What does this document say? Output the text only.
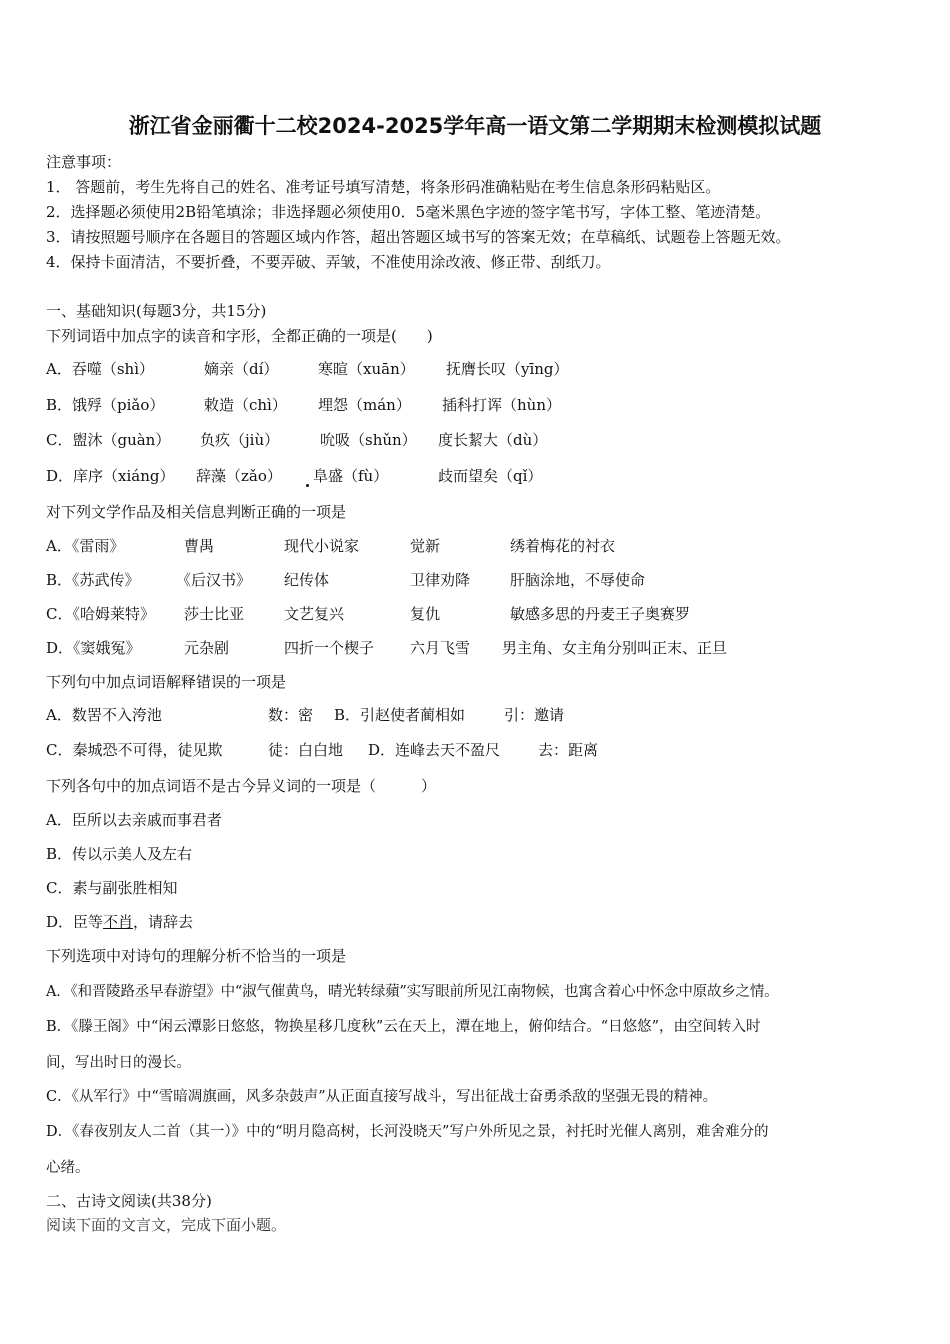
浙江省金丽衢十二校2024-2025学年高一语文第二学期期末检测模拟试题
注意事项：
1． 答题前，考生先将自己的姓名、准考证号填写清楚，将条形码准确粘贴在考生信息条形码粘贴区。
2．选择题必须使用2B铅笔填涂；非选择题必须使用0．5毫米黑色字迹的签字笔书写，字体工整、笔迹清楚。
3．请按照题号顺序在各题目的答题区域内作答，超出答题区域书写的答案无效；在草稿纸、试题卷上答题无效。
4．保持卡面清洁，不要折叠，不要弄破、弄皱，不准使用涂改液、修正带、刮纸刀。
一、基础知识(每题3分，共15分)
下列词语中加点字的读音和字形，全都正确的一项是(　　)
A．吞噬（shì）	嫡亲（dí）	寒暄（xuān） 抚膺长叹（yīng）
B．饿殍（piǎo）	敕造（chì） 埋怨（mán） 插科打诨（hùn）
C．盥沐（guàn） 负疚（jiù）	吮吸（shǔn） 度长絜大（dù）
D．庠序（xiáng） 辞藻（zǎo） 阜盛（fù）	歧而望矣（qǐ）
对下列文学作品及相关信息判断正确的一项是
A．《雷雨》	曹禺	现代小说家	觉新	绣着梅花的衬衣
B．《苏武传》 《后汉书》 纪传体	卫律劝降	肝脑涂地，不辱使命
C．《哈姆莱特》 莎士比亚	文艺复兴	复仇	敏感多思的丹麦王子奥赛罗
D．《窦娥冤》	元杂剧	四折一个楔子 六月飞雪 男主角、女主角分别叫正末、正旦
下列句中加点词语解释错误的一项是
A．数罟不入洿池	数：密 B．引赵使者蔺相如	引：邀请
C．秦城恐不可得，徒见欺	徒：白白地 D．连峰去天不盈尺	去：距离
下列各句中的加点词语不是古今异义词的一项是（　　　）
A．臣所以去亲戚而事君者
B．传以示美人及左右
C．素与副张胜相知
D．臣等不肖，请辞去
下列选项中对诗句的理解分析不恰当的一项是
A．《和晋陵路丞早春游望》中“淑气催黄鸟，晴光转绿蘋”实写眼前所见江南物候，也寓含着心中怀念中原故乡之情。
B．《滕王阁》中“闲云潭影日悠悠，物换星移几度秋”云在天上，潭在地上，俯仰结合。“日悠悠”，由空间转入时
间，写出时日的漫长。
C．《从军行》中“雪暗凋旗画，风多杂鼓声”从正面直接写战斗，写出征战士奋勇杀敌的坚强无畏的精神。
D．《春夜别友人二首（其一）》中的“明月隐高树，长河没晓天”写户外所见之景，衬托时光催人离别，难舍难分的
心绪。
二、古诗文阅读(共38分)
阅读下面的文言文，完成下面小题。
